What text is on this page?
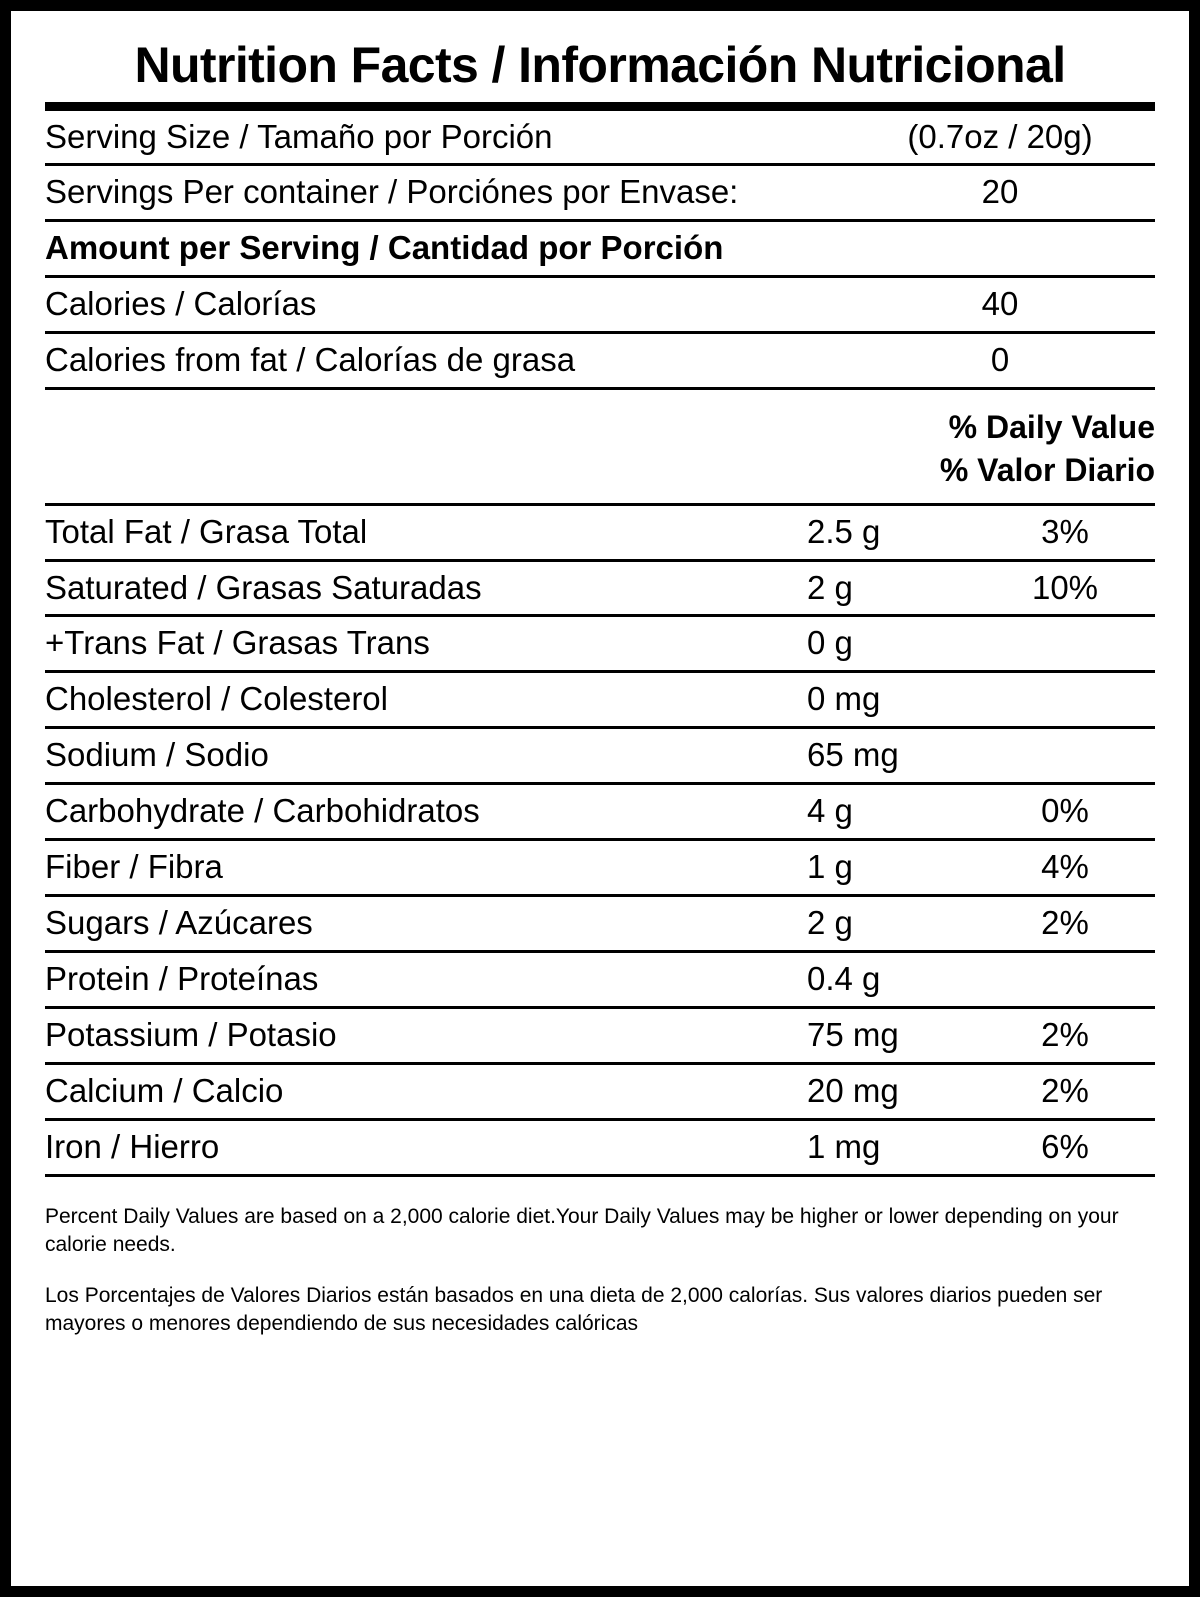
Nutrition Facts / Información Nutricional
Serving Size / Tamaño por Porción	(0.7oz / 20g)
Servings Per container / Porciónes por Envase:	20
Amount per Serving / Cantidad por Porción
Calories / Calorías	40
Calories from fat / Calorías de grasa	0
% Daily Value
% Valor Diario
Total Fat / Grasa Total	2.5 g	3%
Saturated / Grasas Saturadas	2 g	10%
+Trans Fat / Grasas Trans	0 g
Cholesterol / Colesterol	0 mg
Sodium / Sodio	65 mg
Carbohydrate / Carbohidratos	4 g	0%
Fiber / Fibra	1 g	4%
Sugars / Azúcares	2 g	2%
Protein / Proteínas	0.4 g
Potassium / Potasio	75 mg	2%
Calcium / Calcio	20 mg	2%
Iron / Hierro	1 mg	6%
Percent Daily Values are based on a 2,000 calorie diet.Your Daily Values may be higher or lower depending on your calorie needs.
Los Porcentajes de Valores Diarios están basados en una dieta de 2,000 calorías. Sus valores diarios pueden ser mayores o menores dependiendo de sus necesidades calóricas
